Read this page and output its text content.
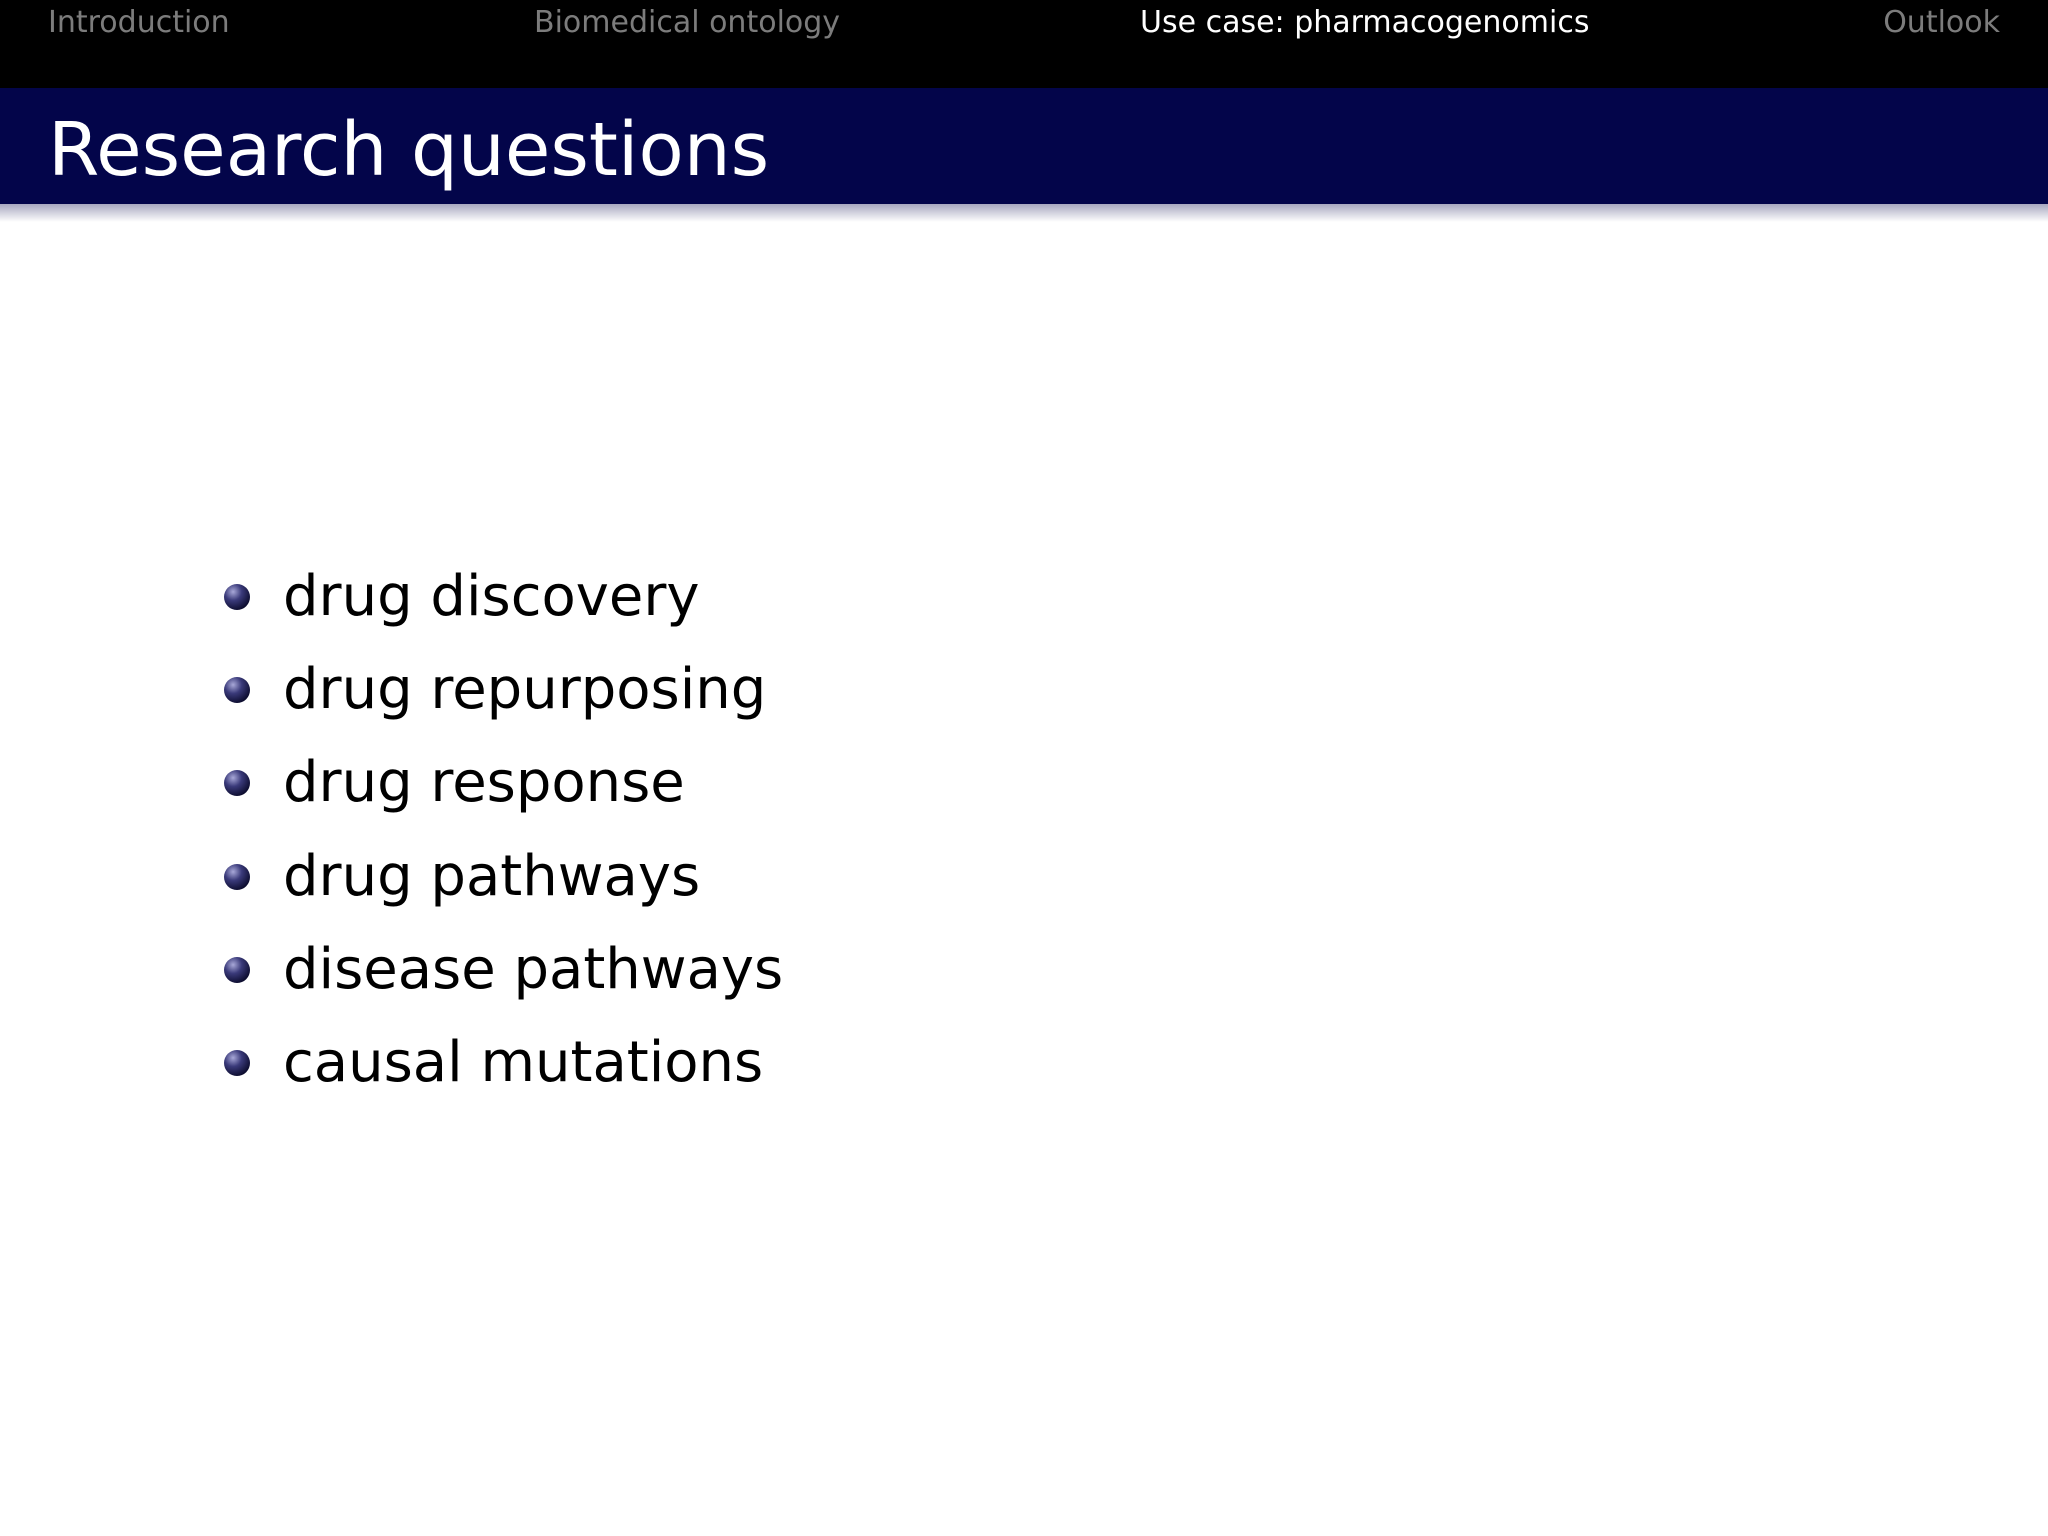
Introduction	Biomedical ontology	Use case: pharmacogenomics	Outlook
Research questions
drug discovery
drug repurposing
drug response
drug pathways
disease pathways
causal mutations
